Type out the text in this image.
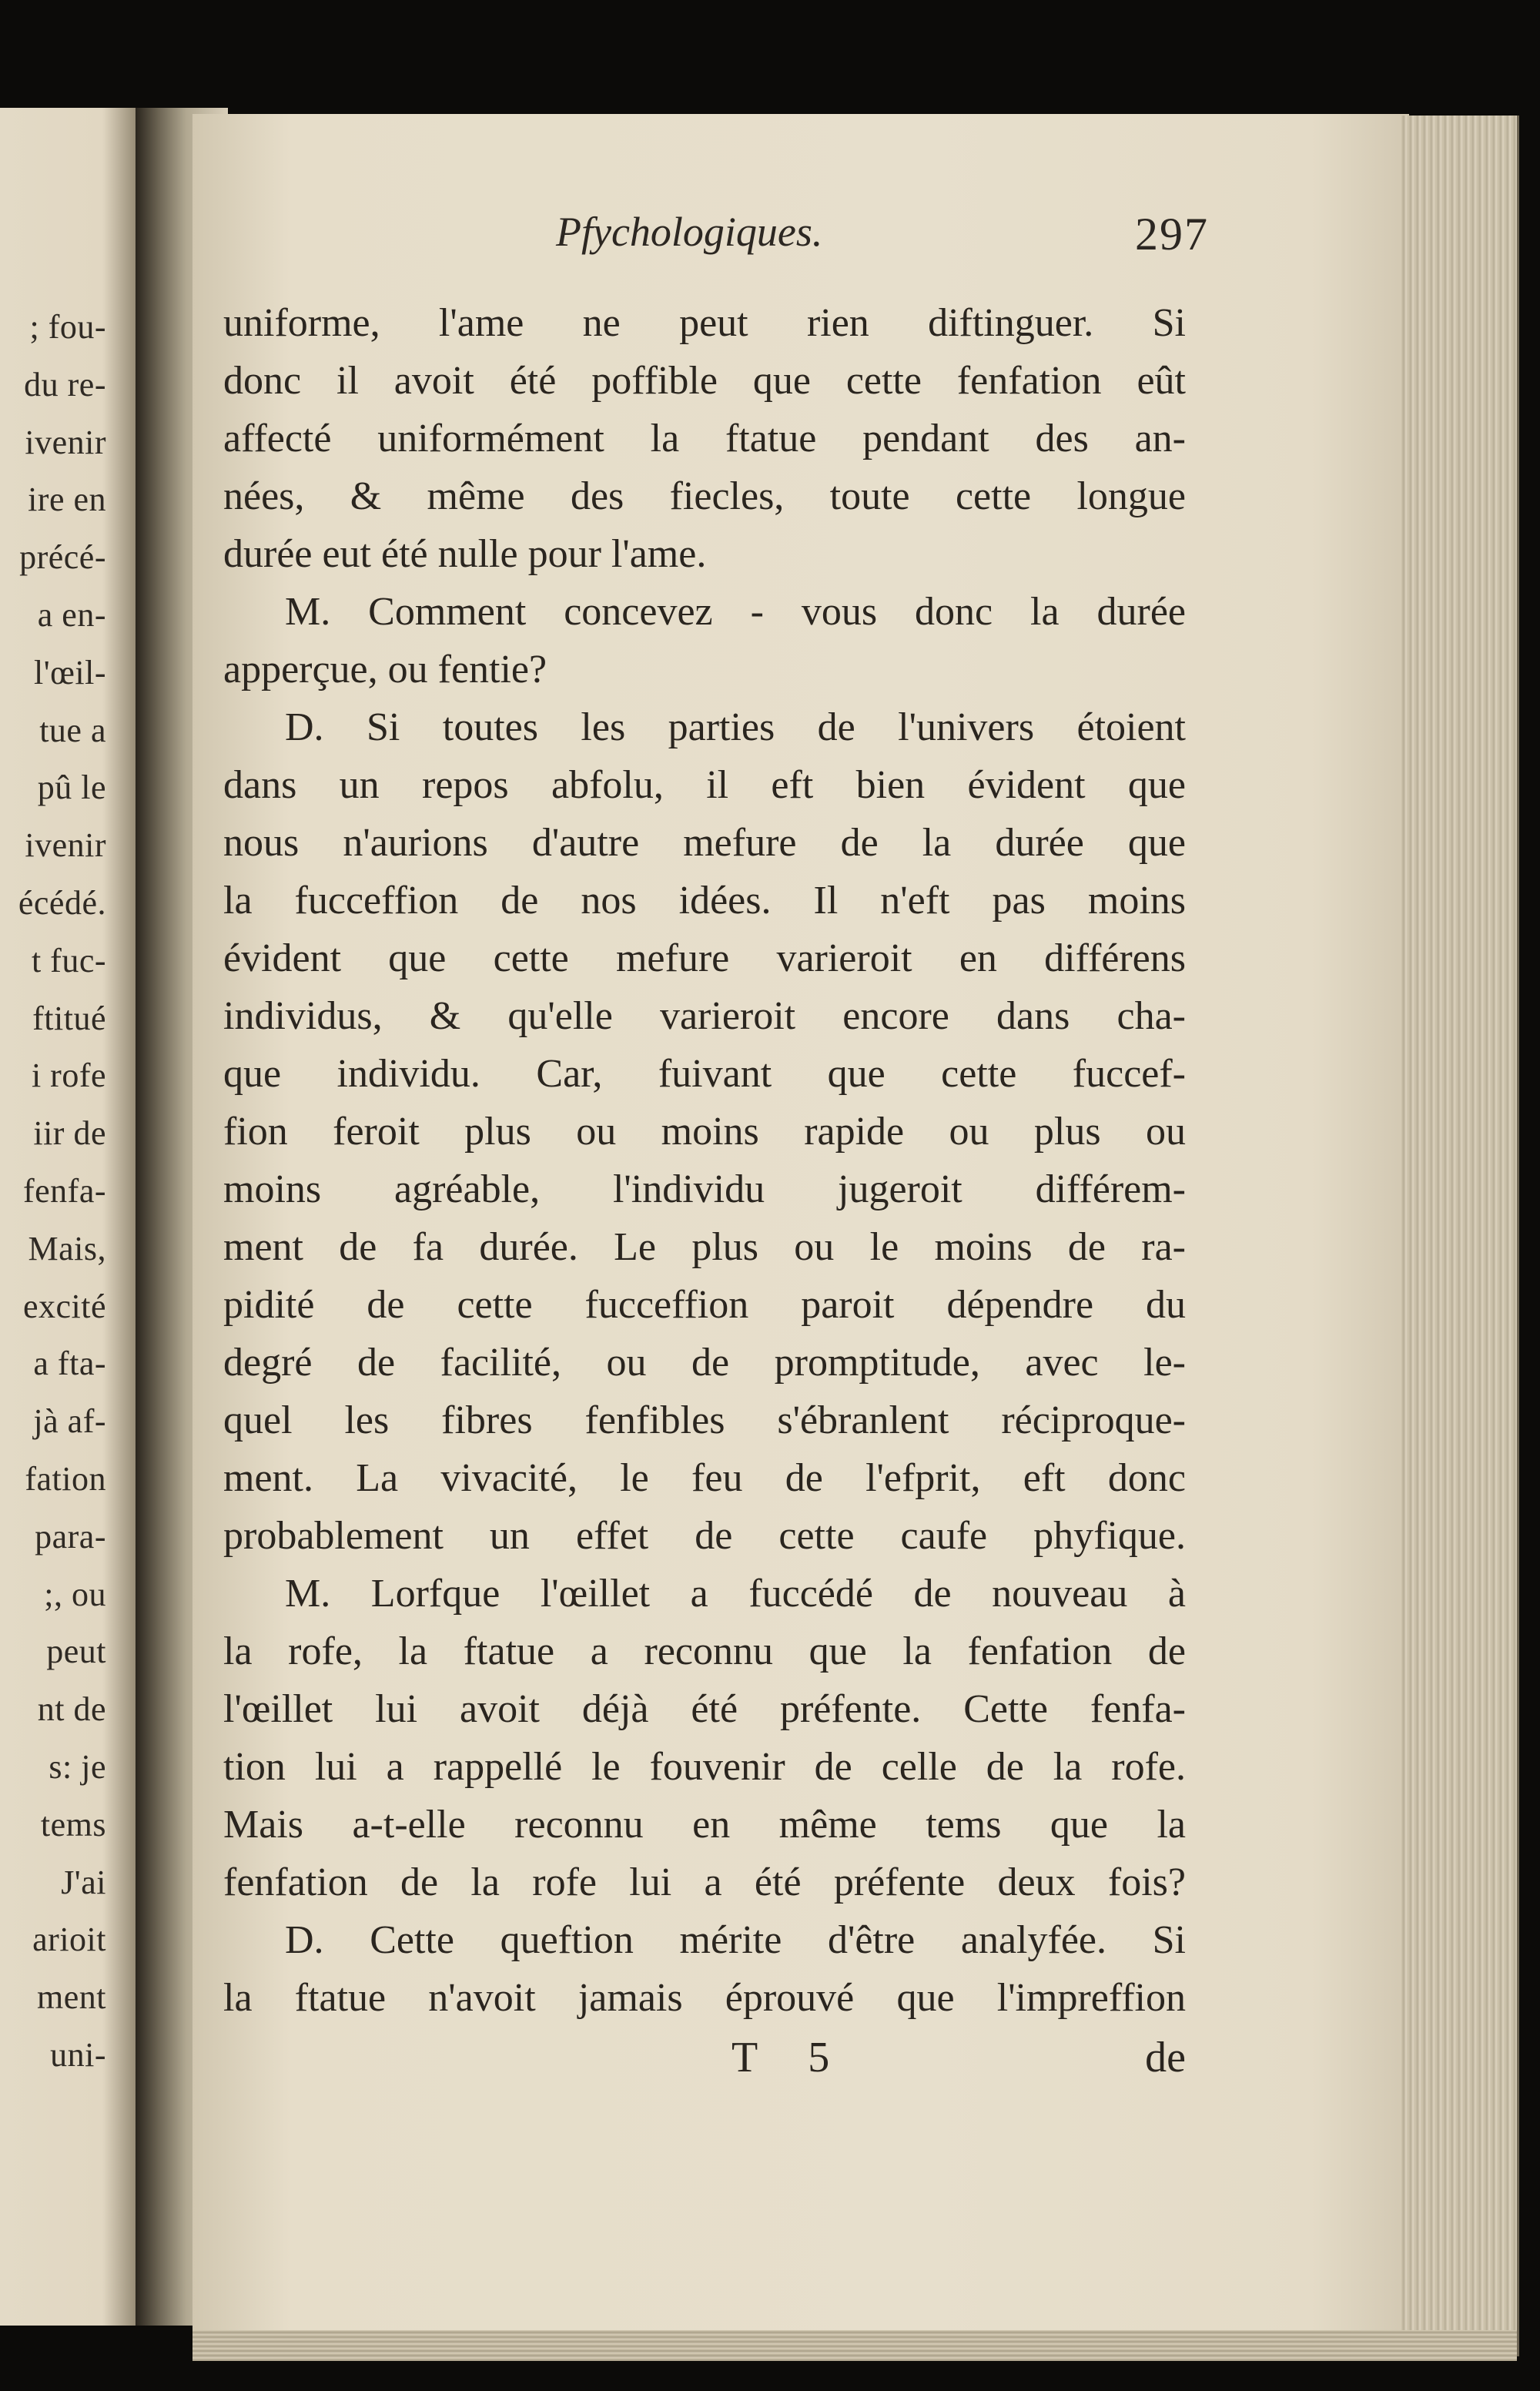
; fou-
du re-
ivenir
ire en
précé-
a en-
l'œil-
tue a
pû le
ivenir
écédé.
t fuc-
ftitué
i rofe
iir de
fenfa-
Mais,
excité
a fta-
jà af-
fation
para-
;, ou
peut
nt de
s: je
tems
J'ai
arioit
ment
uni-
Pfychologiques.	297
uniforme, l'ame ne peut rien diftinguer. Si
donc il avoit été poffible que cette fenfation eût
affecté uniformément la ftatue pendant des an-
nées, & même des fiecles, toute cette longue
durée eut été nulle pour l'ame.
M. Comment concevez - vous donc la durée
apperçue, ou fentie?
D. Si toutes les parties de l'univers étoient
dans un repos abfolu, il eft bien évident que
nous n'aurions d'autre mefure de la durée que
la fucceffion de nos idées. Il n'eft pas moins
évident que cette mefure varieroit en différens
individus, & qu'elle varieroit encore dans cha-
que individu. Car, fuivant que cette fuccef-
fion feroit plus ou moins rapide ou plus ou
moins agréable, l'individu jugeroit différem-
ment de fa durée. Le plus ou le moins de ra-
pidité de cette fucceffion paroit dépendre du
degré de facilité, ou de promptitude, avec le-
quel les fibres fenfibles s'ébranlent réciproque-
ment. La vivacité, le feu de l'efprit, eft donc
probablement un effet de cette caufe phyfique.
M. Lorfque l'œillet a fuccédé de nouveau à
la rofe, la ftatue a reconnu que la fenfation de
l'œillet lui avoit déjà été préfente. Cette fenfa-
tion lui a rappellé le fouvenir de celle de la rofe.
Mais a-t-elle reconnu en même tems que la
fenfation de la rofe lui a été préfente deux fois?
D. Cette queftion mérite d'être analyfée. Si
la ftatue n'avoit jamais éprouvé que l'impreffion
T 5	de
